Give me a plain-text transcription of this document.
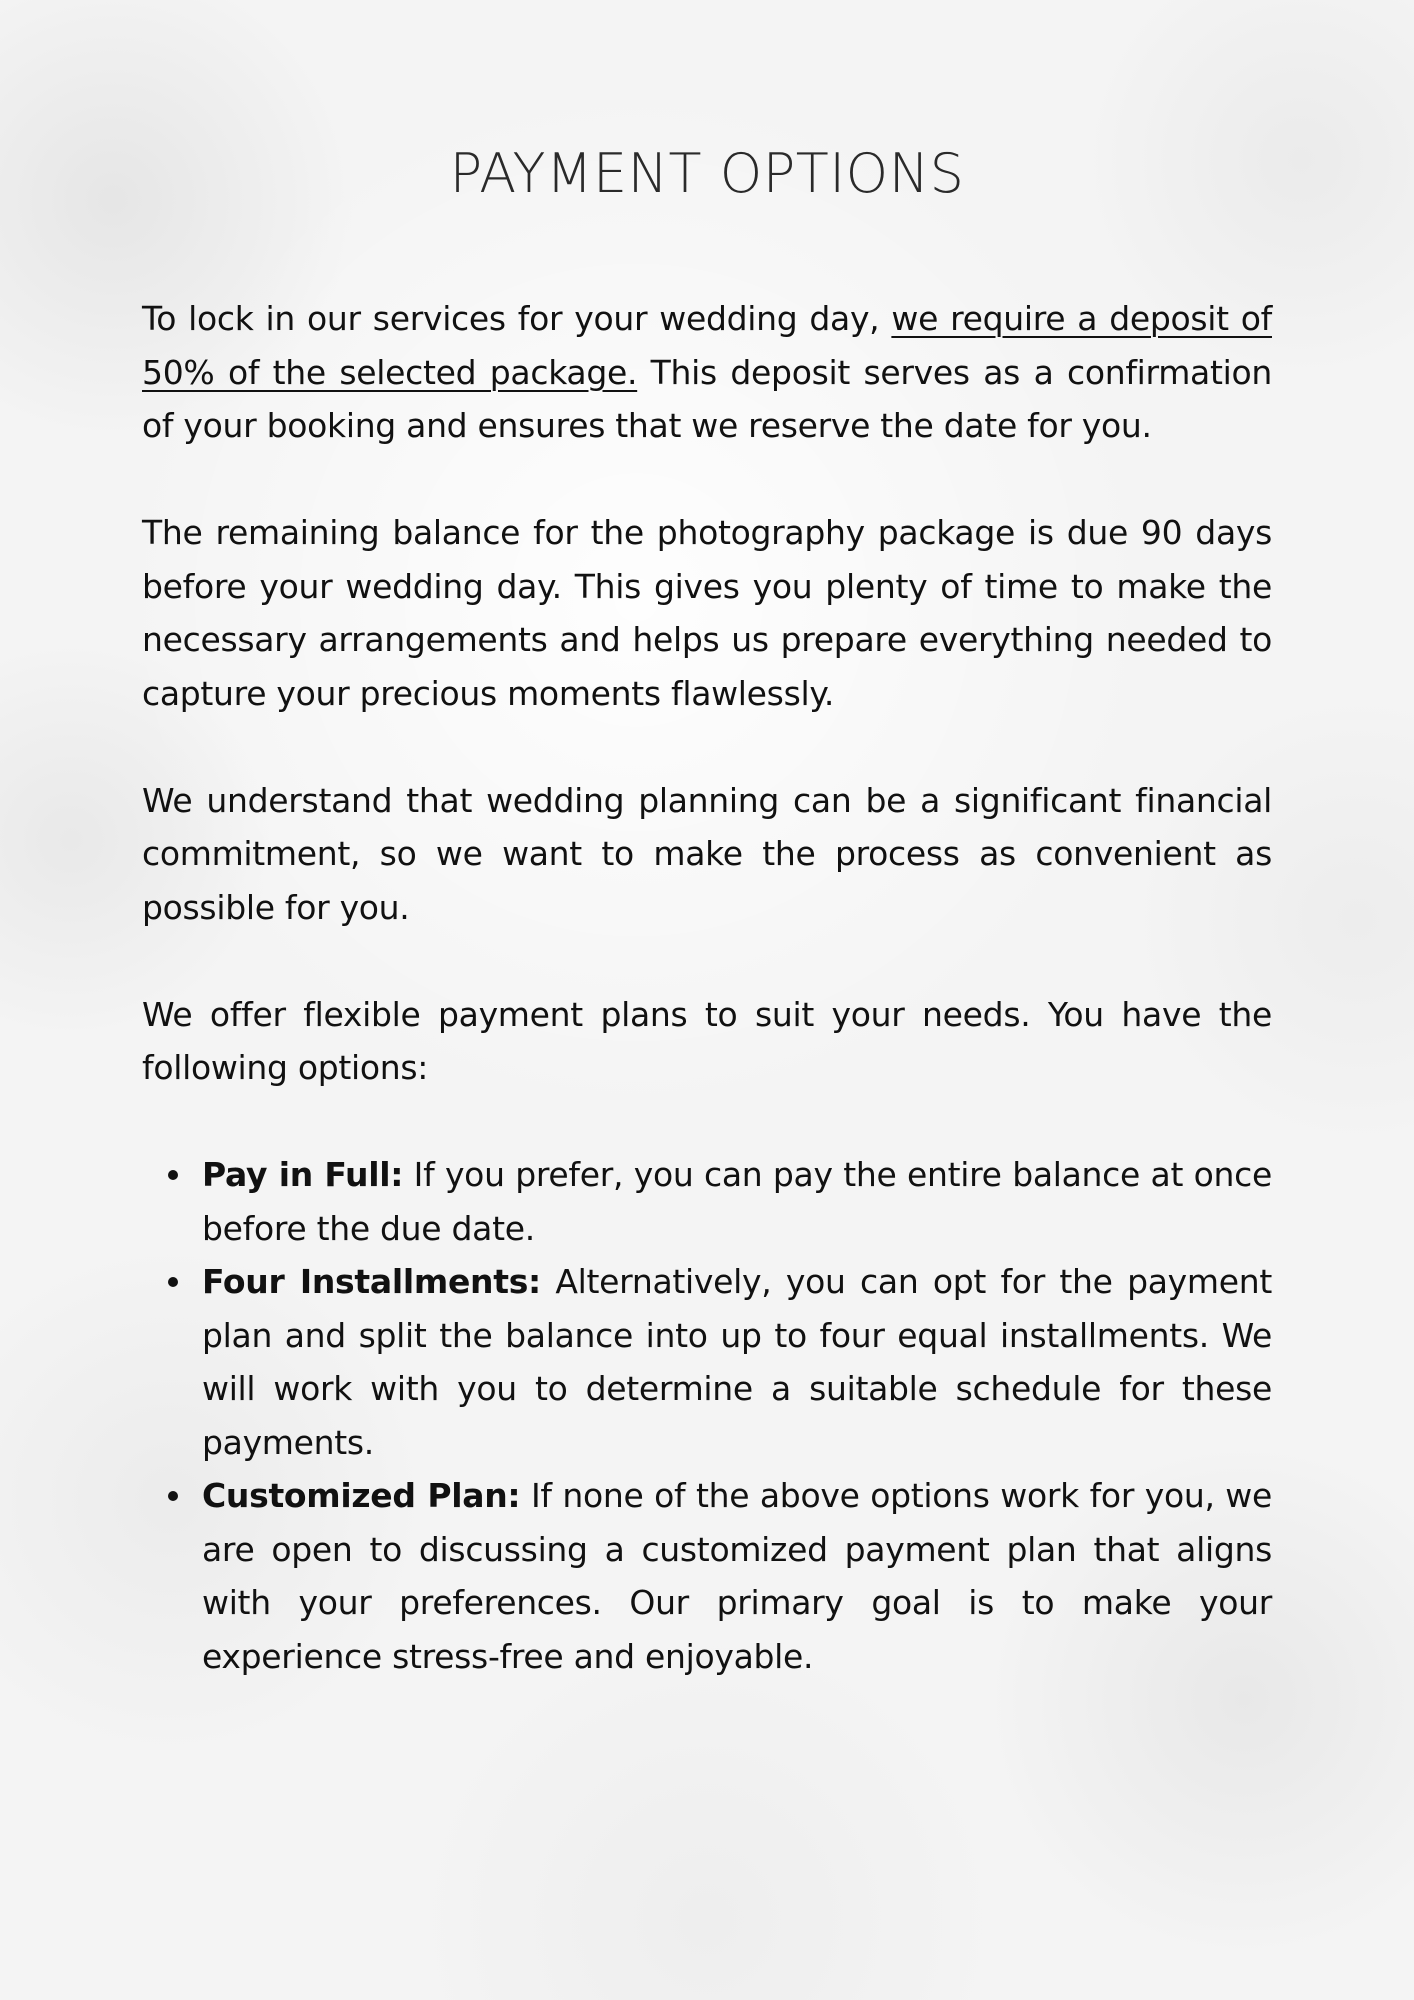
PAYMENT OPTIONS

To lock in our services for your wedding day, we require a deposit of 50% of the selected package. This deposit serves as a confirmation of your booking and ensures that we reserve the date for you.

The remaining balance for the photography package is due 90 days before your wedding day. This gives you plenty of time to make the necessary arrangements and helps us prepare everything needed to capture your precious moments flawlessly.

We understand that wedding planning can be a significant financial commitment, so we want to make the process as convenient as possible for you.

We offer flexible payment plans to suit your needs. You have the following options:

Pay in Full: If you prefer, you can pay the entire balance at once before the due date.
Four Installments: Alternatively, you can opt for the payment plan and split the balance into up to four equal installments. We will work with you to determine a suitable schedule for these payments.
Customized Plan: If none of the above options work for you, we are open to discussing a customized payment plan that aligns with your preferences. Our primary goal is to make your experience stress-free and enjoyable.
